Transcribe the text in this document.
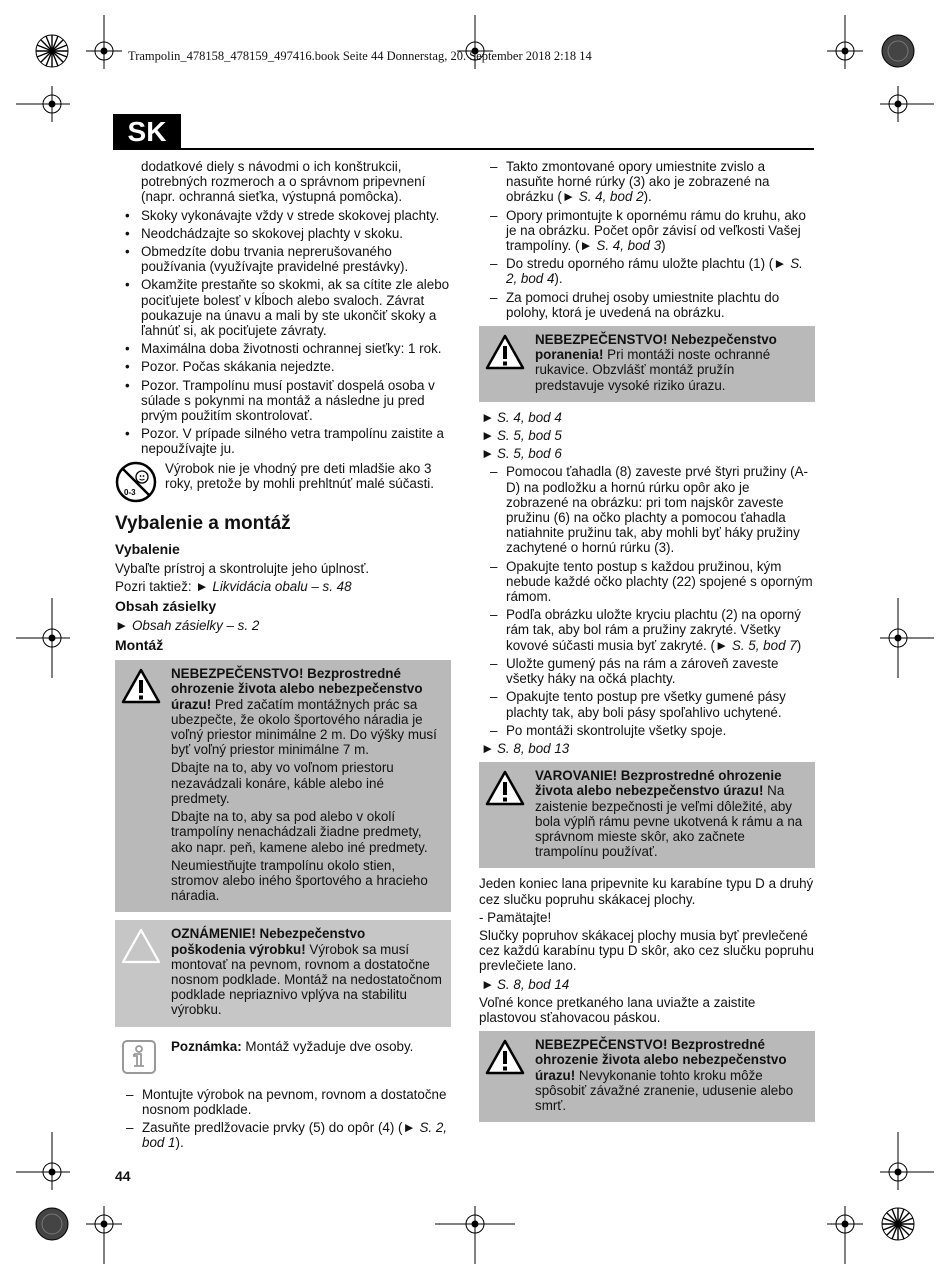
Trampolin_478158_478159_497416.book Seite 44 Donnerstag, 20. September 2018 2:18 14
SK
dodatkové diely s návodmi o ich konštrukcii, potrebných rozmeroch a o správnom pripevnení (napr. ochranná sieťka, výstupná pomôcka).
• Skoky vykonávajte vždy v strede skokovej plachty.
• Neodchádzajte so skokovej plachty v skoku.
• Obmedzíte dobu trvania neprerušovaného používania (využívajte pravidelné prestávky).
• Okamžite prestaňte so skokmi, ak sa cítite zle alebo pociťujete bolesť v kĺboch alebo svaloch. Závrat poukazuje na únavu a mali by ste ukončiť skoky a ľahnúť si, ak pociťujete závraty.
• Maximálna doba životnosti ochrannej sieťky: 1 rok.
• Pozor. Počas skákania nejedzte.
• Pozor. Trampolínu musí postaviť dospelá osoba v súlade s pokynmi na montáž a následne ju pred prvým použitím skontrolovať.
• Pozor. V prípade silného vetra trampolínu zaistite a nepoužívajte ju.
0-3
Výrobok nie je vhodný pre deti mladšie ako 3 roky, pretože by mohli prehltnúť malé súčasti.
Vybalenie a montáž
Vybalenie

Vybaľte prístroj a skontrolujte jeho úplnosť.

Pozri taktiež: ► Likvidácia obalu – s. 48

Obsah zásielky

► Obsah zásielky – s. 2

Montáž

NEBEZPEČENSTVO! Bezprostredné ohrozenie života alebo nebezpečenstvo úrazu! Pred začatím montážnych prác sa ubezpečte, že okolo športového náradia je voľný priestor minimálne 2 m. Do výšky musí byť voľný priestor minimálne 7 m.

Dbajte na to, aby vo voľnom priestoru nezavádzali konáre, káble alebo iné predmety.

Dbajte na to, aby sa pod alebo v okolí trampolíny nenachádzali žiadne predmety, ako napr. peň, kamene alebo iné predmety.

Neumiestňujte trampolínu okolo stien, stromov alebo iného športového a hracieho náradia.

OZNÁMENIE! Nebezpečenstvo poškodenia výrobku! Výrobok sa musí montovať na pevnom, rovnom a dostatočne nosnom podklade. Montáž na nedostatočnom podklade nepriaznivo vplýva na stabilitu výrobku.

Poznámka: Montáž vyžaduje dve osoby.

– Montujte výrobok na pevnom, rovnom a dostatočne nosnom podklade.
– Zasuňte predlžovacie prvky (5) do opôr (4) (► S. 2, bod 1).
– Takto zmontované opory umiestnite zvislo a nasuňte horné rúrky (3) ako je zobrazené na obrázku (► S. 4, bod 2).
– Opory primontujte k opornému rámu do kruhu, ako je na obrázku. Počet opôr závisí od veľkosti Vašej trampolíny. (► S. 4, bod 3)
– Do stredu oporného rámu uložte plachtu (1) (► S. 2, bod 4).
– Za pomoci druhej osoby umiestnite plachtu do polohy, ktorá je uvedená na obrázku.

NEBEZPEČENSTVO! Nebezpečenstvo poranenia! Pri montáži noste ochranné rukavice. Obzvlášť montáž pružín predstavuje vysoké riziko úrazu.

► S. 4, bod 4
► S. 5, bod 5
► S. 5, bod 6
– Pomocou ťahadla (8) zaveste prvé štyri pružiny (A-D) na podložku a hornú rúrku opôr ako je zobrazené na obrázku: pri tom najskôr zaveste pružinu (6) na očko plachty a pomocou ťahadla natiahnite pružinu tak, aby mohli byť háky pružiny zachytené o hornú rúrku (3).
– Opakujte tento postup s každou pružinou, kým nebude každé očko plachty (22) spojené s oporným rámom.
– Podľa obrázku uložte kryciu plachtu (2) na oporný rám tak, aby bol rám a pružiny zakryté. Všetky kovové súčasti musia byť zakryté. (► S. 5, bod 7)
– Uložte gumený pás na rám a zároveň zaveste všetky háky na očká plachty.
– Opakujte tento postup pre všetky gumené pásy plachty tak, aby boli pásy spoľahlivo uchytené.
– Po montáži skontrolujte všetky spoje.
► S. 8, bod 13

VAROVANIE! Bezprostredné ohrozenie života alebo nebezpečenstvo úrazu! Na zaistenie bezpečnosti je veľmi dôležité, aby bola výplň rámu pevne ukotvená k rámu a na správnom mieste skôr, ako začnete trampolínu používať.

Jeden koniec lana pripevnite ku karabíne typu D a druhý cez slučku popruhu skákacej plochy.

- Pamätajte!

Slučky popruhov skákacej plochy musia byť prevlečené cez každú karabínu typu D skôr, ako cez slučku popruhu prevlečiete lano.

► S. 8, bod 14

Voľné konce pretkaného lana uviažte a zaistite plastovou sťahovacou páskou.

NEBEZPEČENSTVO! Bezprostredné ohrozenie života alebo nebezpečenstvo úrazu! Nevykonanie tohto kroku môže spôsobiť závažné zranenie, udusenie alebo smrť.

44
